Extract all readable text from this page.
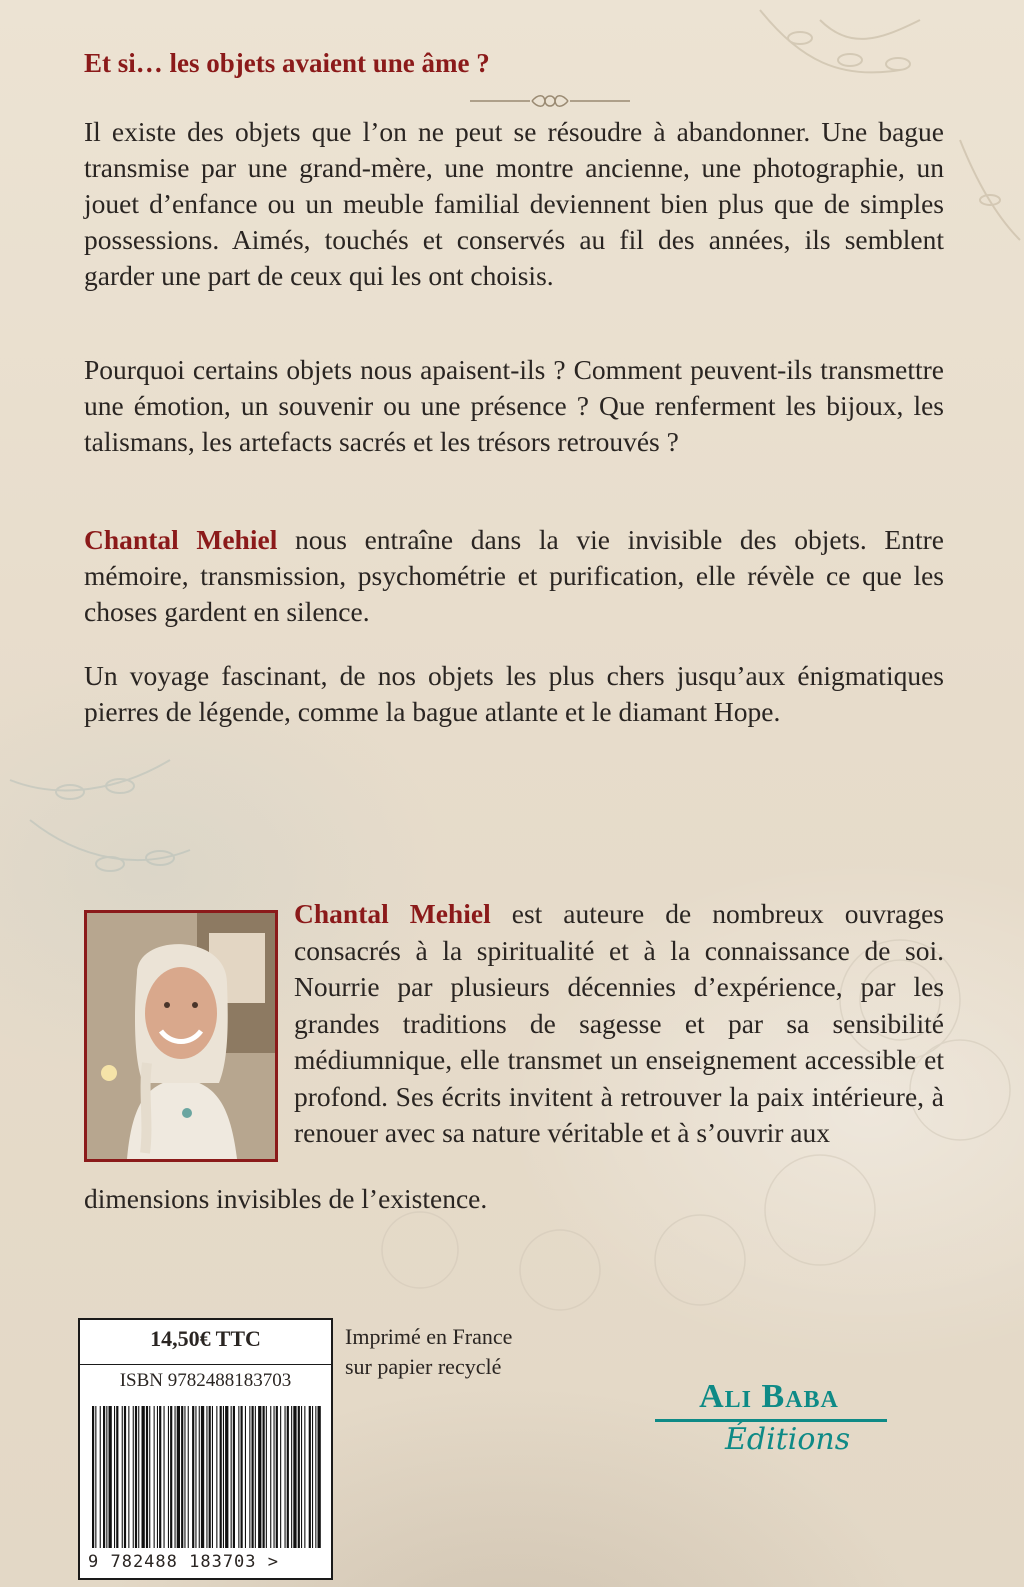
Et si… les objets avaient une âme ?

Il existe des objets que l’on ne peut se résoudre à abandonner. Une bague transmise par une grand-mère, une montre ancienne, une photographie, un jouet d’enfance ou un meuble familial deviennent bien plus que de simples possessions. Aimés, touchés et conservés au fil des années, ils semblent garder une part de ceux qui les ont choisis.

Pourquoi certains objets nous apaisent-ils ? Comment peuvent-ils transmettre une émotion, un souvenir ou une présence ? Que renferment les bijoux, les talismans, les artefacts sacrés et les trésors retrouvés ?

Chantal Mehiel nous entraîne dans la vie invisible des objets. Entre mémoire, transmission, psychométrie et purification, elle révèle ce que les choses gardent en silence.

Un voyage fascinant, de nos objets les plus chers jusqu’aux énigmatiques pierres de légende, comme la bague atlante et le diamant Hope.

Chantal Mehiel est auteure de nombreux ouvrages consacrés à la spiritualité et à la connaissance de soi. Nourrie par plusieurs décennies d’expérience, par les grandes traditions de sagesse et par sa sensibilité médiumnique, elle transmet un enseignement accessible et profond. Ses écrits invitent à retrouver la paix intérieure, à renouer avec sa nature véritable et à s’ouvrir aux

dimensions invisibles de l’existence.

14,50€ TTC
ISBN 9782488183703
9 782488 183703 >

Imprimé en France
sur papier recyclé

Ali Baba
Éditions
